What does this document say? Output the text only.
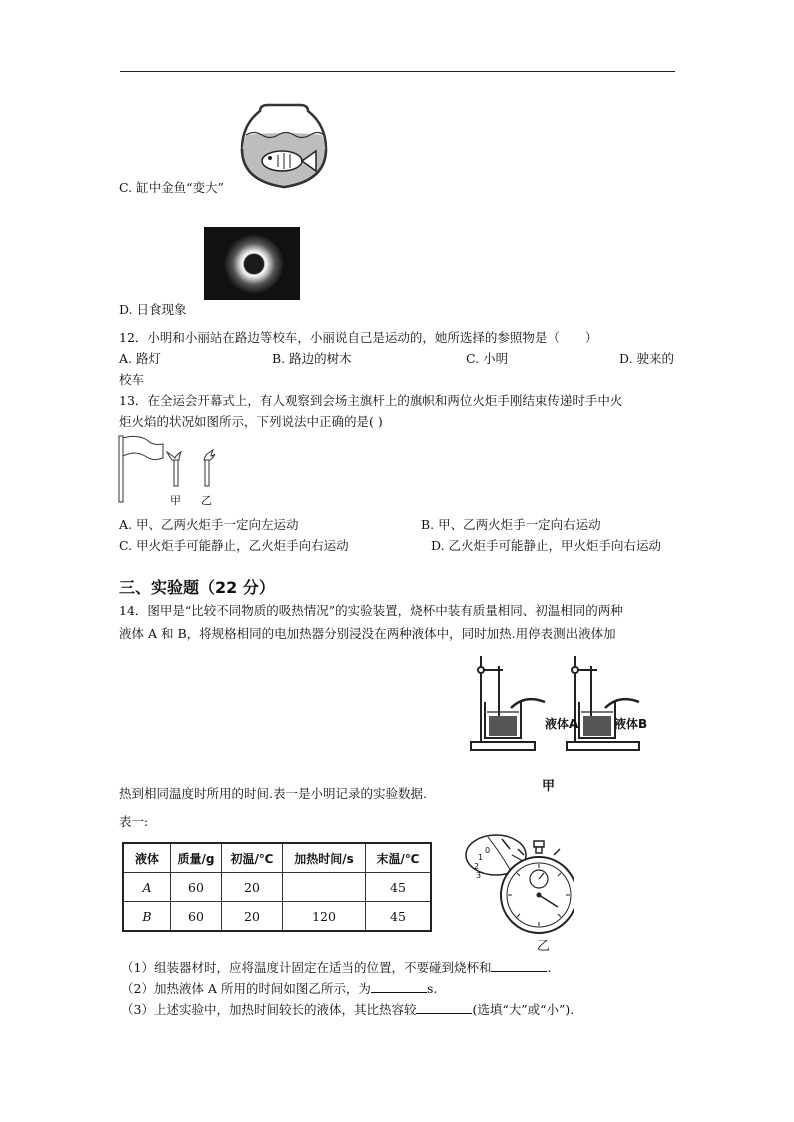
C. 缸中金鱼“变大”
D. 日食现象
12．小明和小丽站在路边等校车，小丽说自己是运动的，她所选择的参照物是（　　）
A. 路灯	B. 路边的树木	C. 小明	D. 驶来的
校车
13．在全运会开幕式上，有人观察到会场主旗杆上的旗帜和两位火炬手刚结束传递时手中火
炬火焰的状况如图所示，下列说法中正确的是( )
甲 乙
A. 甲、乙两火炬手一定向左运动	B. 甲、乙两火炬手一定向右运动
C. 甲火炬手可能静止，乙火炬手向右运动	D. 乙火炬手可能静止，甲火炬手向右运动
三、实验题（22 分）
14．图甲是“比较不同物质的吸热情况”的实验装置，烧杯中装有质量相同、初温相同的两种
液体 A 和 B，将规格相同的电加热器分别浸没在两种液体中，同时加热.用停表测出液体加
液体A	液体B
甲
热到相同温度时所用的时间.表一是小明记录的实验数据.
表一:
液体	质量/g	初温/℃	加热时间/s	末温/℃
A	60	20		45
B	60	20	120	45
0
1
2
3
乙
（1）组装器材时，应将温度计固定在适当的位置，不要碰到烧杯和	.
（2）加热液体 A 所用的时间如图乙所示，为	s.
（3）上述实验中，加热时间较长的液体，其比热容较	(选填“大”或“小”).
